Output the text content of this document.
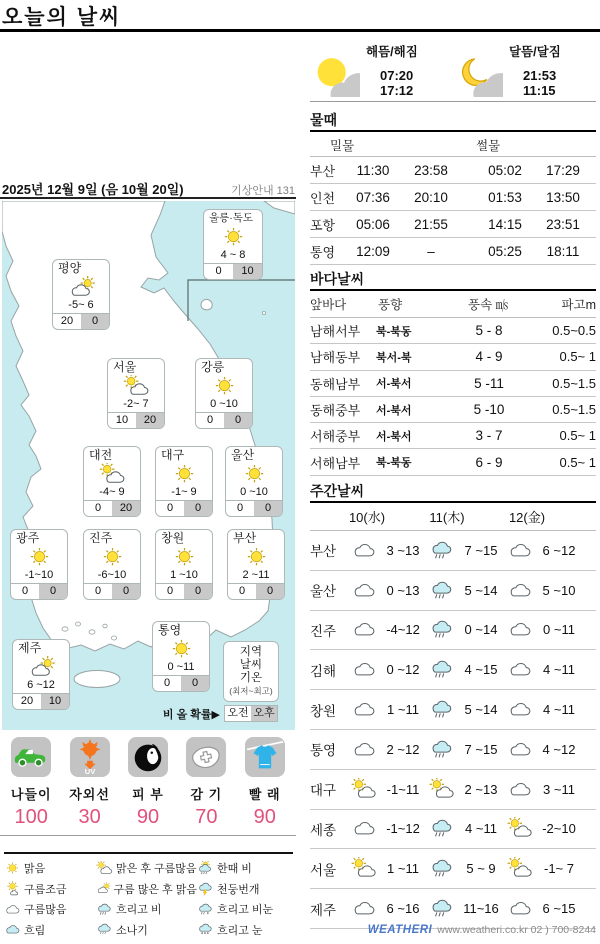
오늘의 날씨
2025년 12월 9일 (음 10월 20일)	기상안내 131
울릉·독도
4 ~ 8
0	10
평양
-5~ 6
20	0
서울
-2~ 7
10	20
강릉
0 ~10
0	0
대전
-4~ 9
0	20
대구
-1~ 9
0	0
울산
0 ~10
0	0
광주
-1~10
0	0
진주
-6~10
0	0
창원
1 ~10
0	0
부산
2 ~11
0	0
제주
6 ~12
20	10
통영
0 ~11
0	0
지역
날씨
기온
(최저~최고)
비 올 확률▶ 오전 오후
나들이
100
UV
자외선
30
피 부
90
감 기
70
빨 래
90
맑음
구름조금
구름많음
흐림
맑은 후 구름많음
구름 많은 후 맑음
흐리고 비
소나기
한때 비
천둥번개
흐리고 비눈
흐리고 눈
해뜸/해짐
07:20
17:12
달뜸/달짐
21:53
11:15
물때
밀물	썰물
부산	11:30	23:58	05:02	17:29
인천	07:36	20:10	01:53	13:50
포항	05:06	21:55	14:15	23:51
통영	12:09	–	05:25	18:11
바다날씨
앞바다	풍향	풍속 ㎧	파고m
남해서부	북-북동	5 - 8	0.5~0.5
남해동부	북서-북	4 - 9	0.5~ 1
동해남부	서-북서	5 -11	0.5~1.5
동해중부	서-북서	5 -10	0.5~1.5
서해중부	서-북서	3 - 7	0.5~ 1
서해남부	북-북동	6 - 9	0.5~ 1
주간날씨
10(水)	11(木)	12(金)
부산	3 ~13	7 ~15	6 ~12
울산	0 ~13	5 ~14	5 ~10
진주	-4~12	0 ~14	0 ~11
김해	0 ~12	4 ~15	4 ~11
창원	1 ~11	5 ~14	4 ~11
통영	2 ~12	7 ~15	4 ~12
대구	-1~11	2 ~13	3 ~11
세종	-1~12	4 ~11	-2~10
서울	1 ~11	5 ~ 9	-1~ 7
제주	6 ~16	11~16	6 ~15
WEATHERI www.weatheri.co.kr 02 ) 700-8244
